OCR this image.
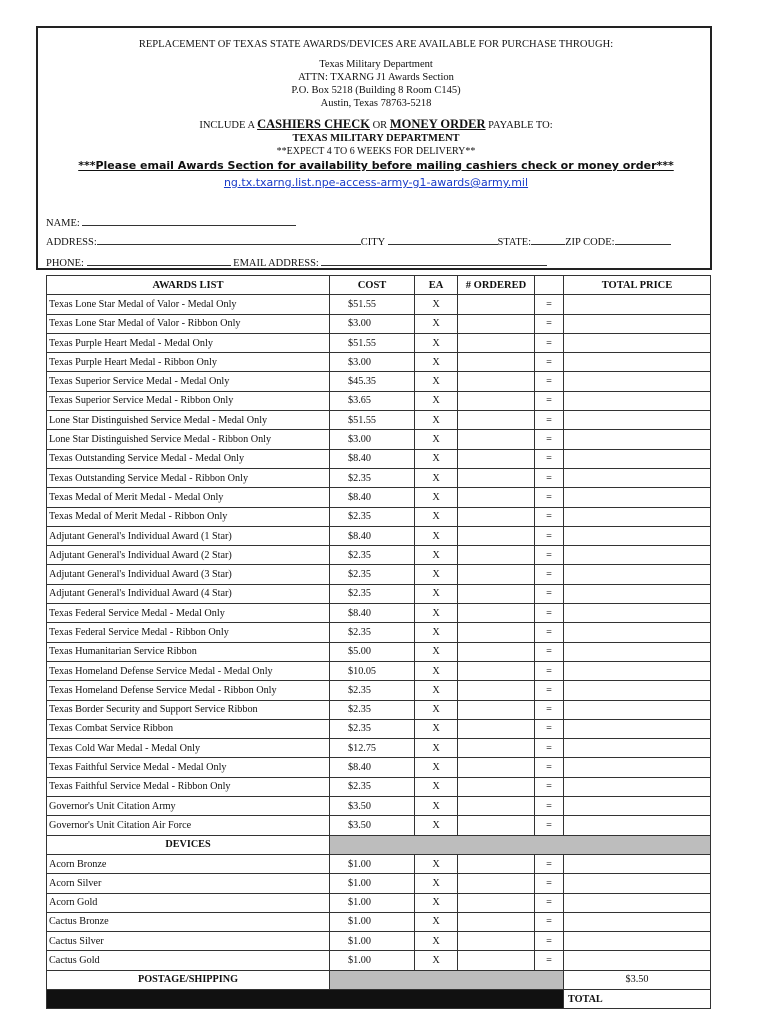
REPLACEMENT OF TEXAS STATE AWARDS/DEVICES ARE AVAILABLE FOR PURCHASE THROUGH:
Texas Military Department
ATTN: TXARNG J1 Awards Section
P.O. Box 5218 (Building 8 Room C145)
Austin, Texas 78763-5218
INCLUDE A CASHIERS CHECK OR MONEY ORDER PAYABLE TO:
TEXAS MILITARY DEPARTMENT
**EXPECT 4 TO 6 WEEKS FOR DELIVERY**
***Please email Awards Section for availability before mailing cashiers check or money order***
ng.tx.txarng.list.npe-access-army-g1-awards@army.mil
NAME:
ADDRESS:	CITY	STATE:	ZIP CODE:
PHONE:	EMAIL ADDRESS:
AWARDS LIST	COST	EA	# ORDERED		TOTAL PRICE
Texas Lone Star Medal of Valor - Medal Only	$51.55	X		=	
Texas Lone Star Medal of Valor - Ribbon Only	$3.00	X		=	
Texas Purple Heart Medal - Medal Only	$51.55	X		=	
Texas Purple Heart Medal - Ribbon Only	$3.00	X		=	
Texas Superior Service Medal - Medal Only	$45.35	X		=	
Texas Superior Service Medal - Ribbon Only	$3.65	X		=	
Lone Star Distinguished Service Medal - Medal Only	$51.55	X		=	
Lone Star Distinguished Service Medal - Ribbon Only	$3.00	X		=	
Texas Outstanding Service Medal - Medal Only	$8.40	X		=	
Texas Outstanding Service Medal - Ribbon Only	$2.35	X		=	
Texas Medal of Merit Medal - Medal Only	$8.40	X		=	
Texas Medal of Merit Medal - Ribbon Only	$2.35	X		=	
Adjutant General's Individual Award (1 Star)	$8.40	X		=	
Adjutant General's Individual Award (2 Star)	$2.35	X		=	
Adjutant General's Individual Award (3 Star)	$2.35	X		=	
Adjutant General's Individual Award (4 Star)	$2.35	X		=	
Texas Federal Service Medal - Medal Only	$8.40	X		=	
Texas Federal Service Medal - Ribbon Only	$2.35	X		=	
Texas Humanitarian Service Ribbon	$5.00	X		=	
Texas Homeland Defense Service Medal - Medal Only	$10.05	X		=	
Texas Homeland Defense Service Medal - Ribbon Only	$2.35	X		=	
Texas Border Security and Support Service Ribbon	$2.35	X		=	
Texas Combat Service Ribbon	$2.35	X		=	
Texas Cold War Medal - Medal Only	$12.75	X		=	
Texas Faithful Service Medal - Medal Only	$8.40	X		=	
Texas Faithful Service Medal - Ribbon Only	$2.35	X		=	
Governor's Unit Citation Army	$3.50	X		=	
Governor's Unit Citation Air Force	$3.50	X		=	
DEVICES					
Acorn Bronze	$1.00	X		=	
Acorn Silver	$1.00	X		=	
Acorn Gold	$1.00	X		=	
Cactus Bronze	$1.00	X		=	
Cactus Silver	$1.00	X		=	
Cactus Gold	$1.00	X		=	
POSTAGE/SHIPPING					$3.50
					TOTAL
